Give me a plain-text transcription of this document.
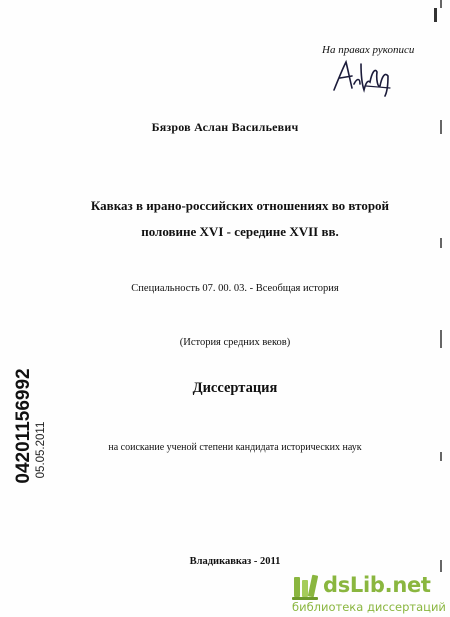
На правах рукописи
Бязров Аслан Васильевич
Кавказ в ирано-российских отношениях во второй
половине XVI - середине XVII вв.
Специальность 07. 00. 03. - Всеобщая история
(История средних веков)
Диссертация
на соискание ученой степени кандидата исторических наук
Владикавказ - 2011
04201156992 05.05.2011
dsLib.net
библиотека диссертаций
